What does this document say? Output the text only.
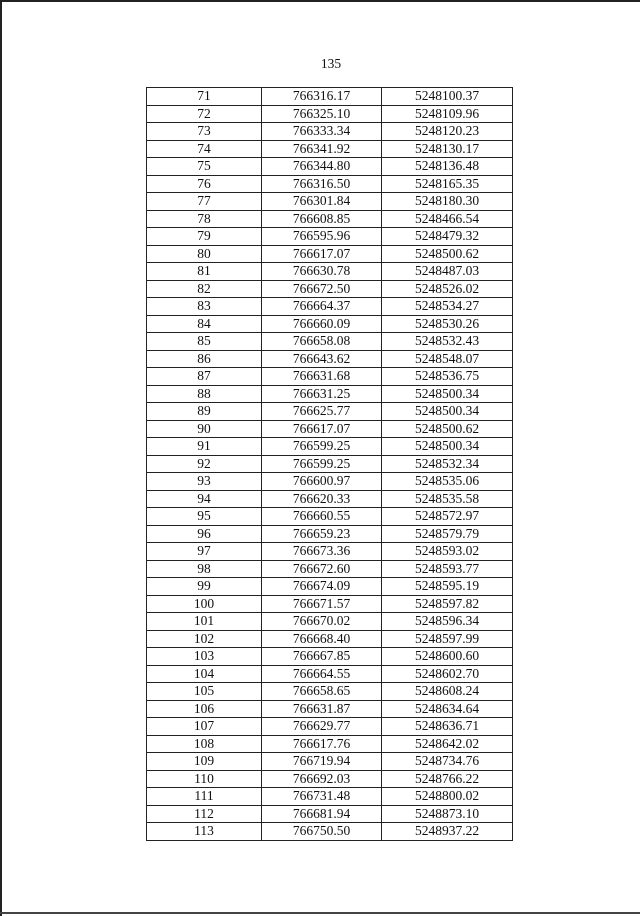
135
71	766316.17	5248100.37
72	766325.10	5248109.96
73	766333.34	5248120.23
74	766341.92	5248130.17
75	766344.80	5248136.48
76	766316.50	5248165.35
77	766301.84	5248180.30
78	766608.85	5248466.54
79	766595.96	5248479.32
80	766617.07	5248500.62
81	766630.78	5248487.03
82	766672.50	5248526.02
83	766664.37	5248534.27
84	766660.09	5248530.26
85	766658.08	5248532.43
86	766643.62	5248548.07
87	766631.68	5248536.75
88	766631.25	5248500.34
89	766625.77	5248500.34
90	766617.07	5248500.62
91	766599.25	5248500.34
92	766599.25	5248532.34
93	766600.97	5248535.06
94	766620.33	5248535.58
95	766660.55	5248572.97
96	766659.23	5248579.79
97	766673.36	5248593.02
98	766672.60	5248593.77
99	766674.09	5248595.19
100	766671.57	5248597.82
101	766670.02	5248596.34
102	766668.40	5248597.99
103	766667.85	5248600.60
104	766664.55	5248602.70
105	766658.65	5248608.24
106	766631.87	5248634.64
107	766629.77	5248636.71
108	766617.76	5248642.02
109	766719.94	5248734.76
110	766692.03	5248766.22
111	766731.48	5248800.02
112	766681.94	5248873.10
113	766750.50	5248937.22
